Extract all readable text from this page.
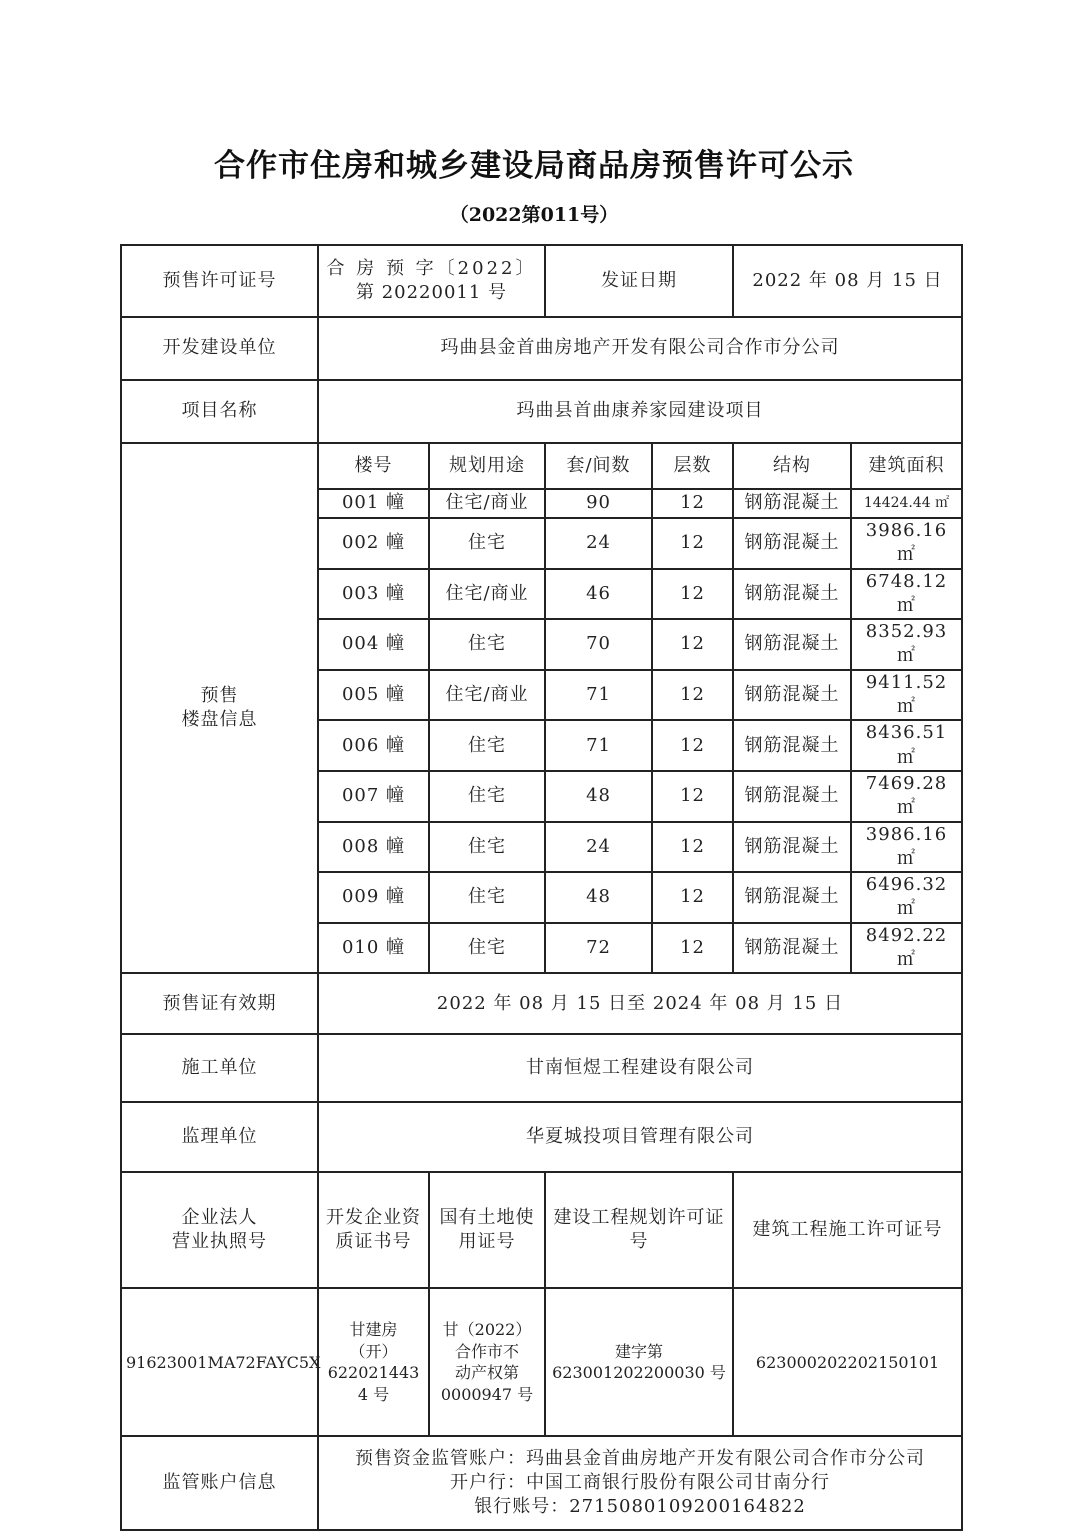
合作市住房和城乡建设局商品房预售许可公示
（2022第011号）
预售许可证号	合 房 预 字〔2022〕
第 20220011 号		发证日期		2022 年 08 月 15 日	
开发建设单位	玛曲县金首曲房地产开发有限公司合作市分公司					
项目名称	玛曲县首曲康养家园建设项目					

预售
楼盘信息	楼号	规划用途	套/间数	层数	结构	建筑面积
	001 幢	住宅/商业	90	12	钢筋混凝土	14424.44 ㎡
	002 幢	住宅	24	12	钢筋混凝土	3986.16 ㎡
	003 幢	住宅/商业	46	12	钢筋混凝土	6748.12 ㎡
	004 幢	住宅	70	12	钢筋混凝土	8352.93 ㎡
	005 幢	住宅/商业	71	12	钢筋混凝土	9411.52 ㎡
	006 幢	住宅	71	12	钢筋混凝土	8436.51 ㎡
	007 幢	住宅	48	12	钢筋混凝土	7469.28 ㎡
	008 幢	住宅	24	12	钢筋混凝土	3986.16 ㎡
	009 幢	住宅	48	12	钢筋混凝土	6496.32 ㎡
	010 幢	住宅	72	12	钢筋混凝土	8492.22 ㎡
预售证有效期	2022 年 08 月 15 日至 2024 年 08 月 15 日					
施工单位	甘南恒煜工程建设有限公司					
监理单位	华夏城投项目管理有限公司					

企业法人
营业执照号	开发企业资质证书号	国有土地使用证号	建设工程规划许可证号		建筑工程施工许可证号	
91623001MA72FAYC5X	甘建房
（开）
622021443
4 号	甘（2022）
合作市不
动产权第
0000947 号	建字第
623001202200030 号		623000202202150101	
监管账户信息	预售资金监管账户：玛曲县金首曲房地产开发有限公司合作市分公司
开户行：中国工商银行股份有限公司甘南分行
银行账号：2715080109200164822					
